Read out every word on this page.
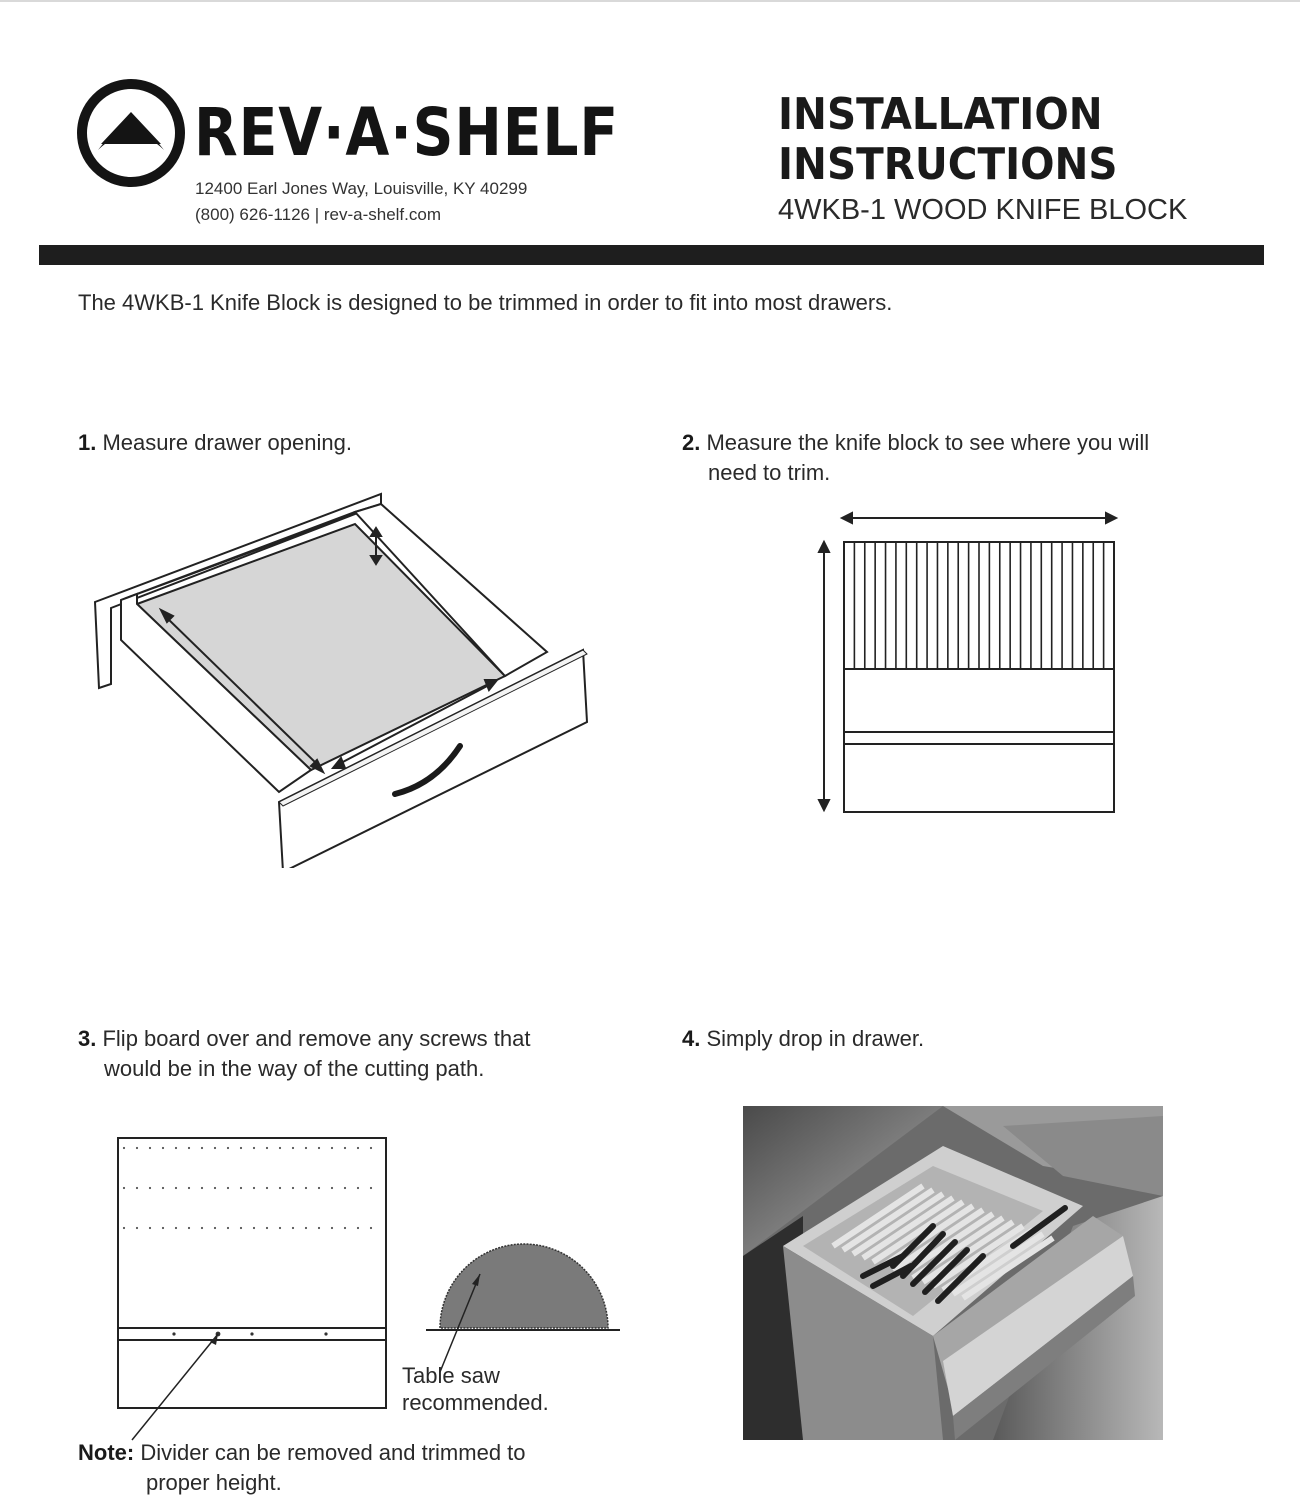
REV·A·SHELF
12400 Earl Jones Way, Louisville, KY 40299
(800) 626-1126 | rev-a-shelf.com
INSTALLATION
INSTRUCTIONS
4WKB-1 WOOD KNIFE BLOCK
The 4WKB-1 Knife Block is designed to be trimmed in order to fit into most drawers.
1. Measure drawer opening.	2. Measure the knife block to see where you will
need to trim.
3. Flip board over and remove any screws that
would be in the way of the cutting path.
4. Simply drop in drawer.
Table saw
recommended.
Note: Divider can be removed and trimmed to
proper height.
